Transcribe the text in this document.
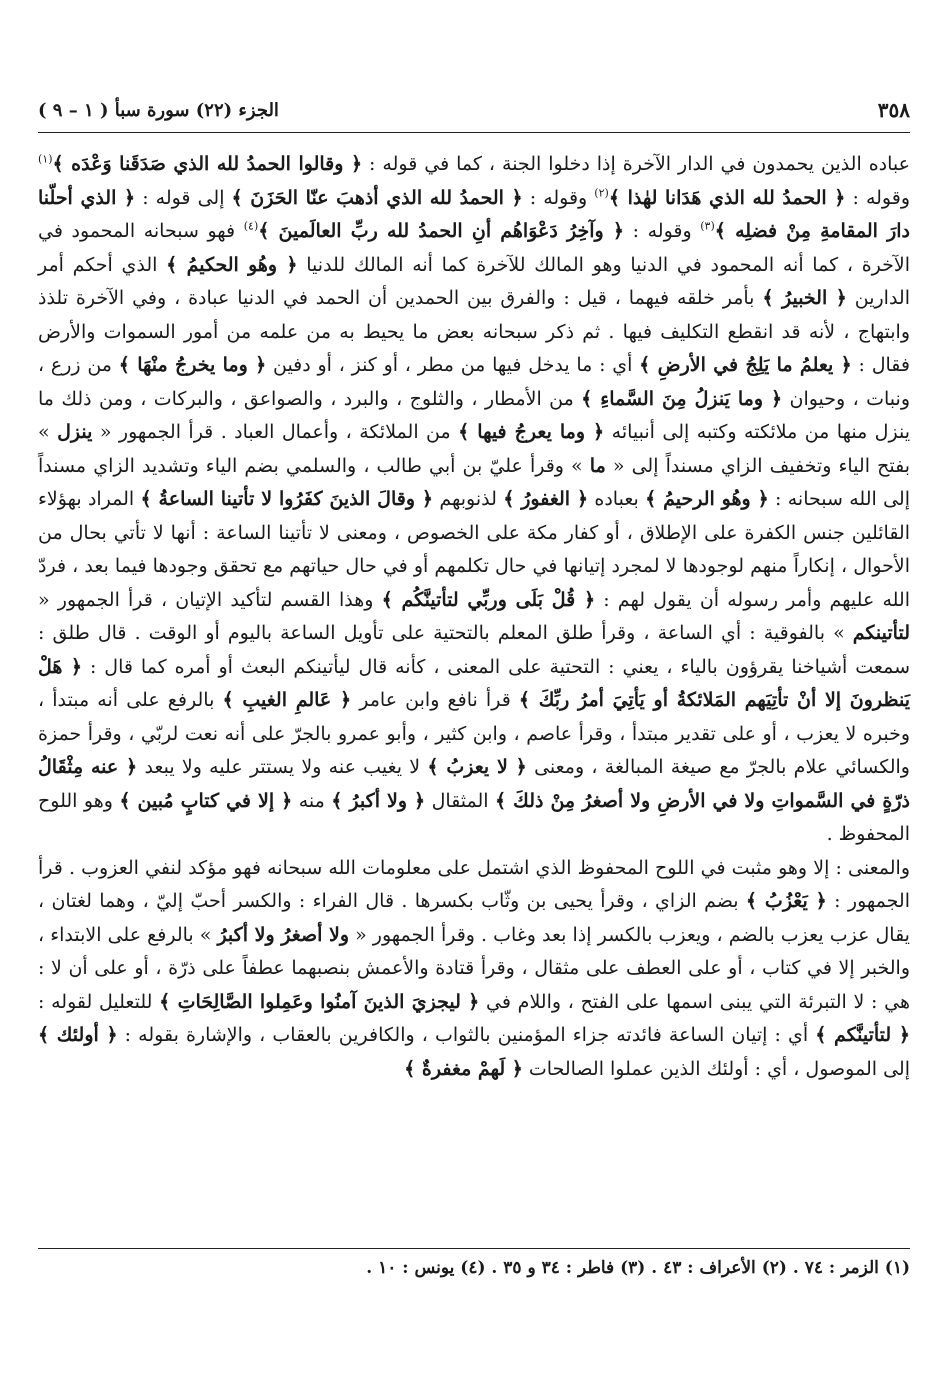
٣٥٨
الجزء (٢٢) سورة سبأ ( ١ – ٩ )

عباده الذين يحمدون في الدار الآخرة إذا دخلوا الجنة ، كما في قوله : ﴿ وقالوا الحمدُ لله الذي صَدَقَنا وَعْدَه ﴾$^{(١)}$ وقوله : ﴿ الحمدُ لله الذي هَدَانا لهٰذا ﴾$^{(٢)}$ وقوله : ﴿ الحمدُ لله الذي أذهبَ عنّا الحَزَنَ ﴾ إلى قوله : ﴿ الذي أحلّنا دارَ المقامةِ مِنْ فضلِه ﴾$^{(٣)}$ وقوله : ﴿ وآخِرُ دَعْوَاهُم أنِ الحمدُ لله ربِّ العالَمينَ ﴾$^{(٤)}$ فهو سبحانه المحمود في الآخرة ، كما أنه المحمود في الدنيا وهو المالك للآخرة كما أنه المالك للدنيا ﴿ وهُو الحكيمُ ﴾ الذي أحكم أمر الدارين ﴿ الخبيرُ ﴾ بأمر خلقه فيهما ، قيل : والفرق بين الحمدين أن الحمد في الدنيا عبادة ، وفي الآخرة تلذذ وابتهاج ، لأنه قد انقطع التكليف فيها . ثم ذكر سبحانه بعض ما يحيط به من علمه من أمور السموات والأرض فقال : ﴿ يعلمُ ما يَلِجُ في الأرضِ ﴾ أي : ما يدخل فيها من مطر ، أو كنز ، أو دفين ﴿ وما يخرجُ منْهَا ﴾ من زرع ، ونبات ، وحيوان ﴿ وما يَنزلُ مِنَ السَّماءِ ﴾ من الأمطار ، والثلوج ، والبرد ، والصواعق ، والبركات ، ومن ذلك ما ينزل منها من ملائكته وكتبه إلى أنبيائه ﴿ وما يعرجُ فيها ﴾ من الملائكة ، وأعمال العباد . قرأ الجمهور « ينزل » بفتح الياء وتخفيف الزاي مسنداً إلى « ما » وقرأ عليّ بن أبي طالب ، والسلمي بضم الياء وتشديد الزاي مسنداً إلى الله سبحانه : ﴿ وهُو الرحيمُ ﴾ بعباده ﴿ الغفورُ ﴾ لذنوبهم ﴿ وقالَ الذينَ كفَرُوا لا تأتينا الساعةُ ﴾ المراد بهؤلاء القائلين جنس الكفرة على الإطلاق ، أو كفار مكة على الخصوص ، ومعنى لا تأتينا الساعة : أنها لا تأتي بحال من الأحوال ، إنكاراً منهم لوجودها لا لمجرد إتيانها في حال تكلمهم أو في حال حياتهم مع تحقق وجودها فيما بعد ، فردّ الله عليهم وأمر رسوله أن يقول لهم : ﴿ قُلْ بَلَى وربِّي لتأتينَّكُم ﴾ وهذا القسم لتأكيد الإتيان ، قرأ الجمهور « لتأتينكم » بالفوقية : أي الساعة ، وقرأ طلق المعلم بالتحتية على تأويل الساعة باليوم أو الوقت . قال طلق : سمعت أشياخنا يقرؤون بالياء ، يعني : التحتية على المعنى ، كأنه قال ليأتينكم البعث أو أمره كما قال : ﴿ هَلْ يَنظرونَ إلا أنْ تأتِيَهم المَلائكةُ أو يَأتِيَ أمرُ ربِّكَ ﴾ قرأ نافع وابن عامر ﴿ عَالمِ الغيبِ ﴾ بالرفع على أنه مبتدأ ، وخبره لا يعزب ، أو على تقدير مبتدأ ، وقرأ عاصم ، وابن كثير ، وأبو عمرو بالجرّ على أنه نعت لربّي ، وقرأ حمزة والكسائي علام بالجرّ مع صيغة المبالغة ، ومعنى ﴿ لا يعزبُ ﴾ لا يغيب عنه ولا يستتر عليه ولا يبعد ﴿ عنه مِثْقَالُ ذرّةٍ في السَّمواتِ ولا في الأرضِ ولا أصغرُ مِنْ ذلكَ ﴾ المثقال ﴿ ولا أكبرُ ﴾ منه ﴿ إلا في كتابٍ مُبين ﴾ وهو اللوح المحفوظ .

والمعنى : إلا وهو مثبت في اللوح المحفوظ الذي اشتمل على معلومات الله سبحانه فهو مؤكد لنفي العزوب . قرأ الجمهور : ﴿ يَعْزُبُ ﴾ بضم الزاي ، وقرأ يحيى بن وثّاب بكسرها . قال الفراء : والكسر أحبّ إليّ ، وهما لغتان ، يقال عزب يعزب بالضم ، ويعزب بالكسر إذا بعد وغاب . وقرأ الجمهور « ولا أصغرُ ولا أكبرُ » بالرفع على الابتداء ، والخبر إلا في كتاب ، أو على العطف على مثقال ، وقرأ قتادة والأعمش بنصبهما عطفاً على ذرّة ، أو على أن لا : هي : لا التبرئة التي يبنى اسمها على الفتح ، واللام في ﴿ ليجزيَ الذينَ آمنُوا وعَمِلوا الصَّالِحَاتِ ﴾ للتعليل لقوله : ﴿ لتأتينَّكم ﴾ أي : إتيان الساعة فائدته جزاء المؤمنين بالثواب ، والكافرين بالعقاب ، والإشارة بقوله : ﴿ أولئك ﴾ إلى الموصول ، أي : أولئك الذين عملوا الصالحات ﴿ لَهمْ مغفرةٌ ﴾

(١) الزمر : ٧٤ . (٢) الأعراف : ٤٣ . (٣) فاطر : ٣٤ و ٣٥ . (٤) يونس : ١٠ .
